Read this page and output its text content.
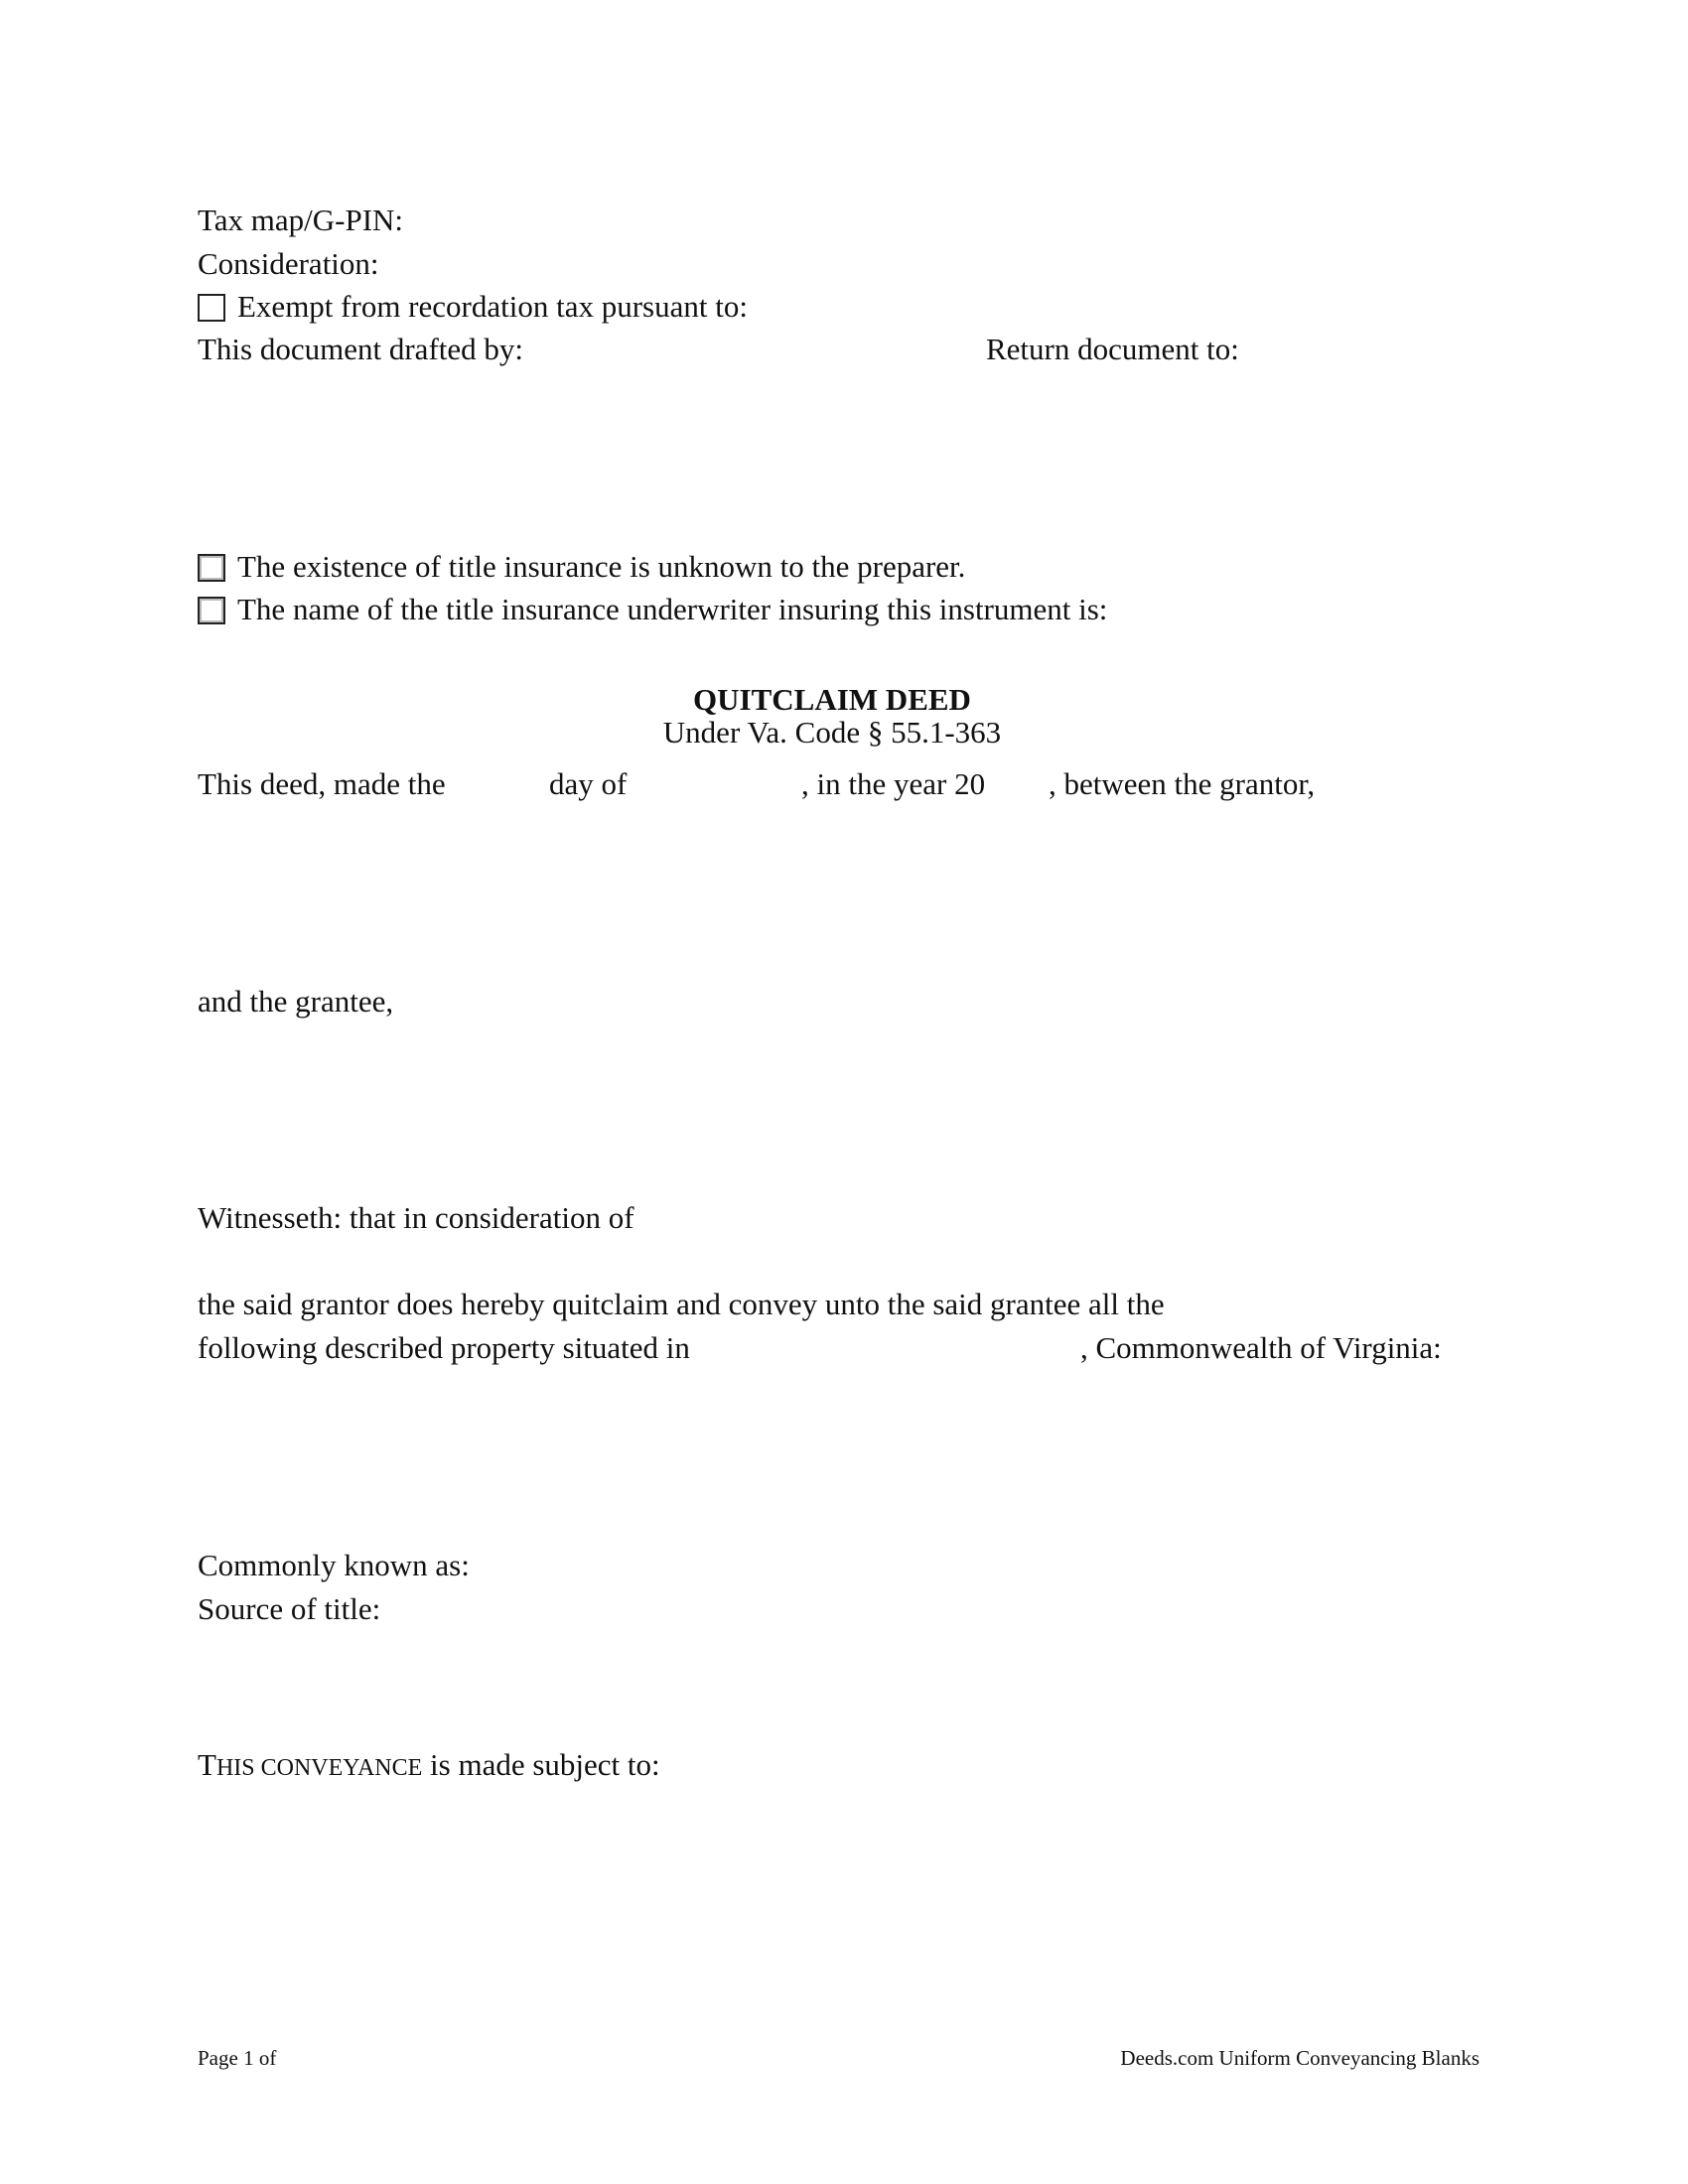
Tax map/G-PIN:
Consideration:
Exempt from recordation tax pursuant to:
This document drafted by:	Return document to:
The existence of title insurance is unknown to the preparer.
The name of the title insurance underwriter insuring this instrument is:
QUITCLAIM DEED
Under Va. Code § 55.1-363
This deed, made the	day of	, in the year 20 , between the grantor,
and the grantee,
Witnesseth: that in consideration of
the said grantor does hereby quitclaim and convey unto the said grantee all the
following described property situated in	, Commonwealth of Virginia:
Commonly known as:
Source of title:
THIS CONVEYANCE is made subject to:
Page 1 of	Deeds.com Uniform Conveyancing Blanks
